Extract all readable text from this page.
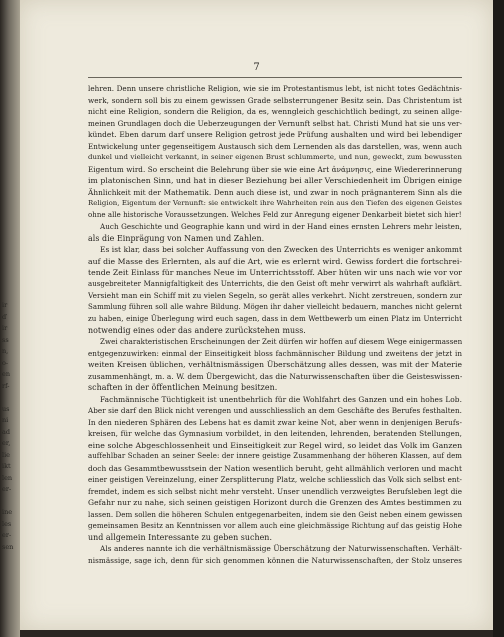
ir
ď
ir
ss
n,
o-
en
rf-
us
ni
ad
er,
lie
ikt
len
er-
ine
les
er-
sen
7
lehren. Denn unsere christliche Religion, wie sie im Protestantismus lebt, ist nicht totes Gedächtnis-
werk, sondern soll bis zu einem gewissen Grade selbsterrungener Besitz sein. Das Christentum ist
nicht eine Religion, sondern die Religion, da es, wenngleich geschichtlich bedingt, zu seinen allge-
meinen Grundlagen doch die Ueberzeugungen der Vernunft selbst hat. Christi Mund hat sie uns ver-
kündet. Eben darum darf unsere Religion getrost jede Prüfung aushalten und wird bei lebendiger
Entwickelung unter gegenseitigem Austausch sich dem Lernenden als das darstellen, was, wenn auch
dunkel und vielleicht verkannt, in seiner eigenen Brust schlummerte, und nun, geweckt, zum bewussten
Eigentum wird. So erscheint die Belehrung über sie wie eine Art ἀνάμνησις, eine Wiedererinnerung
im platonischen Sinn, und hat in dieser Beziehung bei aller Verschiedenheit im Übrigen einige
Ähnlichkeit mit der Mathematik. Denn auch diese ist, und zwar in noch prägnanterem Sinn als die
Religion, Eigentum der Vernunft: sie entwickelt ihre Wahrheiten rein aus den Tiefen des eigenen Geistes
ohne alle historische Voraussetzungen. Welches Feld zur Anregung eigener Denkarbeit bietet sich hier!
Auch Geschichte und Geographie kann und wird in der Hand eines ernsten Lehrers mehr leisten,
als die Einprägung von Namen und Zahlen.
Es ist klar, dass bei solcher Auffassung von den Zwecken des Unterrichts es weniger ankommt
auf die Masse des Erlernten, als auf die Art, wie es erlernt wird. Gewiss fordert die fortschrei-
tende Zeit Einlass für manches Neue im Unterrichtsstoff. Aber hüten wir uns nach wie vor vor
ausgebreiteter Mannigfaltigkeit des Unterrichts, die den Geist oft mehr verwirrt als wahrhaft aufklärt.
Versieht man ein Schiff mit zu vielen Segeln, so gerät alles verkehrt. Nicht zerstreuen, sondern zur
Sammlung führen soll alle wahre Bildung. Mögen ihr daher vielleicht bedauern, manches nicht gelernt
zu haben, einige Überlegung wird euch sagen, dass in dem Wettbewerb um einen Platz im Unterricht
notwendig eines oder das andere zurückstehen muss.
Zwei charakteristischen Erscheinungen der Zeit dürfen wir hoffen auf diesem Wege einigermassen
entgegenzuwirken: einmal der Einseitigkeit bloss fachmännischer Bildung und zweitens der jetzt in
weiten Kreisen üblichen, verhältnismässigen Überschätzung alles dessen, was mit der Materie
zusammenhängt, m. a. W. dem Übergewicht, das die Naturwissenschaften über die Geisteswissen-
schaften in der öffentlichen Meinung besitzen.
Fachmännische Tüchtigkeit ist unentbehrlich für die Wohlfahrt des Ganzen und ein hohes Lob.
Aber sie darf den Blick nicht verengen und ausschliesslich an dem Geschäfte des Berufes festhalten.
In den niederen Sphären des Lebens hat es damit zwar keine Not, aber wenn in denjenigen Berufs-
kreisen, für welche das Gymnasium vorbildet, in den leitenden, lehrenden, beratenden Stellungen,
eine solche Abgeschlossenheit und Einseitigkeit zur Regel wird, so leidet das Volk im Ganzen
auffehlbar Schaden an seiner Seele: der innere geistige Zusammenhang der höheren Klassen, auf dem
doch das Gesammtbewusstsein der Nation wesentlich beruht, geht allmählich verloren und macht
einer geistigen Vereinzelung, einer Zersplitterung Platz, welche schliesslich das Volk sich selbst ent-
fremdet, indem es sich selbst nicht mehr versteht. Unser unendlich verzweigtes Berufsleben legt die
Gefahr nur zu nahe, sich seinen geistigen Horizont durch die Grenzen des Amtes bestimmen zu
lassen. Dem sollen die höheren Schulen entgegenarbeiten, indem sie den Geist neben einem gewissen
gemeinsamen Besitz an Kenntnissen vor allem auch eine gleichmässige Richtung auf das geistig Hohe
und allgemein Interessante zu geben suchen.
Als anderes nannte ich die verhältnismässige Überschätzung der Naturwissenschaften. Verhält-
nismässige, sage ich, denn für sich genommen können die Naturwissenschaften, der Stolz unseres
